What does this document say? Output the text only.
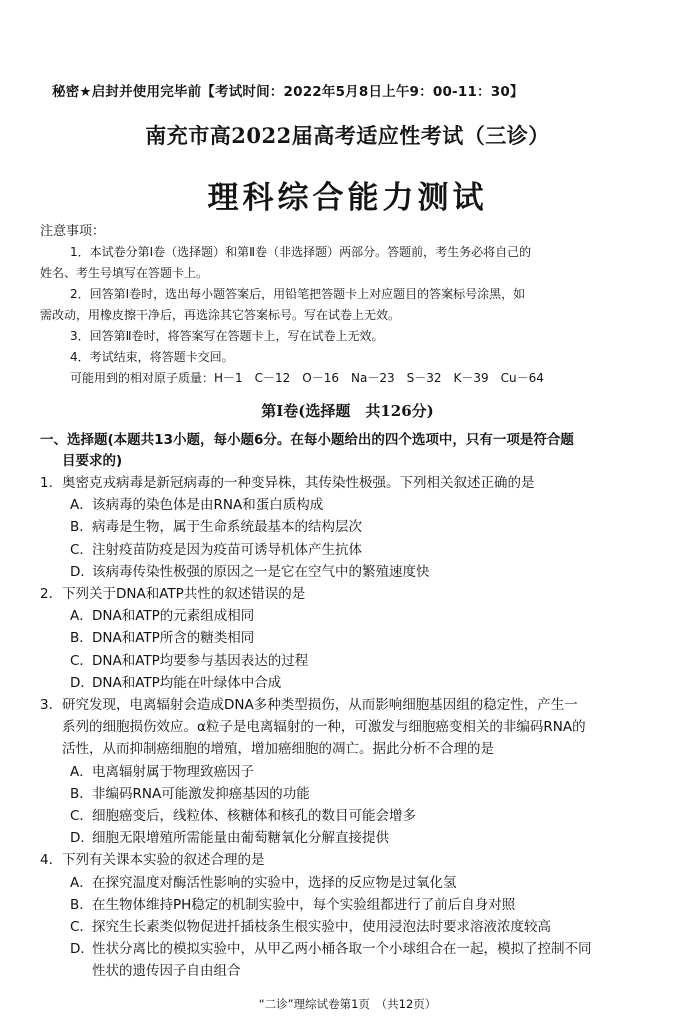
秘密★启封并使用完毕前【考试时间：2022年5月8日上午9：00-11：30】
南充市高2022届高考适应性考试（三诊）
理科综合能力测试
注意事项：
1．本试卷分第Ⅰ卷（选择题）和第Ⅱ卷（非选择题）两部分。答题前，考生务必将自己的
姓名、考生号填写在答题卡上。
2．回答第Ⅰ卷时，选出每小题答案后，用铅笔把答题卡上对应题目的答案标号涂黑，如
需改动，用橡皮擦干净后，再选涂其它答案标号。写在试卷上无效。
3．回答第Ⅱ卷时，将答案写在答题卡上，写在试卷上无效。
4．考试结束，将答题卡交回。
可能用到的相对原子质量：H－1　C－12　O－16　Na－23　S－32　K－39　Cu－64
第Ⅰ卷(选择题　共126分)
一、选择题(本题共13小题，每小题6分。在每小题给出的四个选项中，只有一项是符合题
目要求的)
1．奥密克戎病毒是新冠病毒的一种变异株，其传染性极强。下列相关叙述正确的是
A．该病毒的染色体是由RNA和蛋白质构成
B．病毒是生物，属于生命系统最基本的结构层次
C．注射疫苗防疫是因为疫苗可诱导机体产生抗体
D．该病毒传染性极强的原因之一是它在空气中的繁殖速度快
2．下列关于DNA和ATP共性的叙述错误的是
A．DNA和ATP的元素组成相同
B．DNA和ATP所含的糖类相同
C．DNA和ATP均要参与基因表达的过程
D．DNA和ATP均能在叶绿体中合成
3．研究发现，电离辐射会造成DNA多种类型损伤，从而影响细胞基因组的稳定性，产生一
系列的细胞损伤效应。α粒子是电离辐射的一种，可激发与细胞癌变相关的非编码RNA的
活性，从而抑制癌细胞的增殖，增加癌细胞的凋亡。据此分析不合理的是
A．电离辐射属于物理致癌因子
B．非编码RNA可能激发抑癌基因的功能
C．细胞癌变后，线粒体、核糖体和核孔的数目可能会增多
D．细胞无限增殖所需能量由葡萄糖氧化分解直接提供
4．下列有关课本实验的叙述合理的是
A．在探究温度对酶活性影响的实验中，选择的反应物是过氧化氢
B．在生物体维持PH稳定的机制实验中，每个实验组都进行了前后自身对照
C．探究生长素类似物促进扦插枝条生根实验中，使用浸泡法时要求溶液浓度较高
D．性状分离比的模拟实验中，从甲乙两小桶各取一个小球组合在一起，模拟了控制不同
性状的遗传因子自由组合
“二诊”理综试卷第1页　（共12页）
